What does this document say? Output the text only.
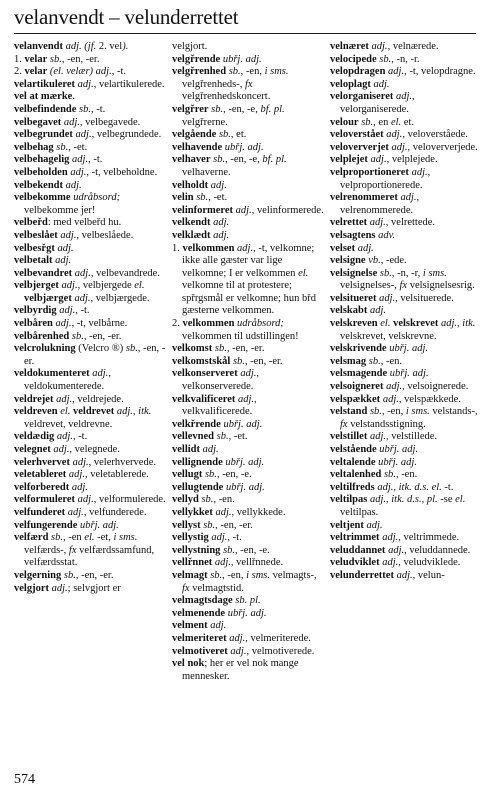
velanvendt – velunderrettet

velanvendt adj. (jf. 2. vel).

1. velar sb., -en, -er.

2. velar (el. velær) adj., -t.

velartikuleret adj., velartikulerede.

vel at mærke.

velbefindende sb., -t.

velbegavet adj., velbegavede.

velbegrundet adj., velbegrundede.

velbehag sb., -et.

velbehagelig adj., -t.

velbeholden adj., -t, velbeholdne.

velbekendt adj.

velbekomme udråbsord; velbekomme jer!

velbeřd: med velbeřd hu.

velbeslået adj., velbeslåede.

velbesřgt adj.

velbetalt adj.

velbevandret adj., velbevandrede.

velbjerget adj., velbjergede el. velbjærget adj., velbjærgede.

velbyrdig adj., -t.

velbåren adj., -t, velbårne.

velbårenhed sb., -en, -er.

velcrolukning (Velcro ®) sb., -en, -er.

veldokumenteret adj., veldokumenterede.

veldrejet adj., veldrejede.

veldreven el. veldrevet adj., itk. veldrevet, veldrevne.

veldædig adj., -t.

velegnet adj., velegnede.

velerhvervet adj., velerhvervede.

veletableret adj., veletablerede.

velforberedt adj.

velformuleret adj., velformulerede.

velfunderet adj., velfunderede.

velfungerende ubřj. adj.

velfærd sb., -en el. -et, i sms. velfærds-, fx velfærdssamfund, velfærdsstat.

velgerning sb., -en, -er.

velgjort adj.; selvgjort er

velgjort.

velgřrende ubřj. adj.

velgřrenhed sb., -en, i sms. velgřrenheds-, fx velgřrenhedskoncert.

velgřrer sb., -en, -e, bf. pl. velgřrerne.

velgående sb., et.

velhavende ubřj. adj.

velhaver sb., -en, -e, bf. pl. velhaverne.

velholdt adj.

velin sb., -et.

velinformeret adj., velinformerede.

velkendt adj.

velklædt adj.

1. velkommen adj., -t, velkomne; ikke alle gæster var lige velkomne; I er velkommen el. velkomne til at protestere; spřrgsmål er velkomne; hun břd gæsterne velkommen.

2. velkommen udråbsord; velkommen til udstillingen!

velkomst sb., -en, -er.

velkomstskål sb., -en, -er.

velkonserveret adj., velkonserverede.

velkvalificeret adj., velkvalificerede.

velkřrende ubřj. adj.

vellevned sb., -et.

vellidt adj.

vellignende ubřj. adj.

vellugt sb., -en, -e.

vellugtende ubřj. adj.

vellyd sb., -en.

vellykket adj., vellykkede.

vellyst sb., -en, -er.

vellystig adj., -t.

vellystning sb., -en, -e.

vellřnnet adj., vellřnnede.

velmagt sb., -en, i sms. velmagts-, fx velmagtstid.

velmagtsdage sb. pl.

velmenende ubřj. adj.

velment adj.

velmeriteret adj., velmeriterede.

velmotiveret adj., velmotiverede.

vel nok; her er vel nok mange mennesker.

velnæret adj., velnærede.

velocipede sb., -n, -r.

velopdragen adj., -t, velopdragne.

veloplagt adj.

velorganiseret adj., velorganiserede.

velour sb., en el. et.

veloverstået adj., veloverståede.

veloververjet adj., veloververjede.

velplejet adj., velplejede.

velproportioneret adj., velproportionerede.

velrenommeret adj., velrenommerede.

velrettet adj., velrettede.

velsagtens adv.

velset adj.

velsigne vb., -ede.

velsignelse sb., -n, -r, i sms. velsignelses-, fx velsignelsesrig.

velsitueret adj., velsituerede.

velskabt adj.

velskreven el. velskrevet adj., itk. velskrevet, velskrevne.

velskrivende ubřj. adj.

velsmag sb., -en.

velsmagende ubřj. adj.

velsoigneret adj., velsoignerede.

velspækket adj., velspækkede.

velstand sb., -en, i sms. velstands-, fx velstandsstigning.

velstillet adj., velstillede.

velstående ubřj. adj.

veltalende ubřj. adj.

veltalenhed sb., -en.

veltilfreds adj., itk. d.s. el. -t.

veltilpas adj., itk. d.s., pl. -se el. veltilpas.

veltjent adj.

veltrimmet adj., veltrimmede.

veluddannet adj., veluddannede.

veludviklet adj., veludviklede.

velunderrettet adj., velun-

574
